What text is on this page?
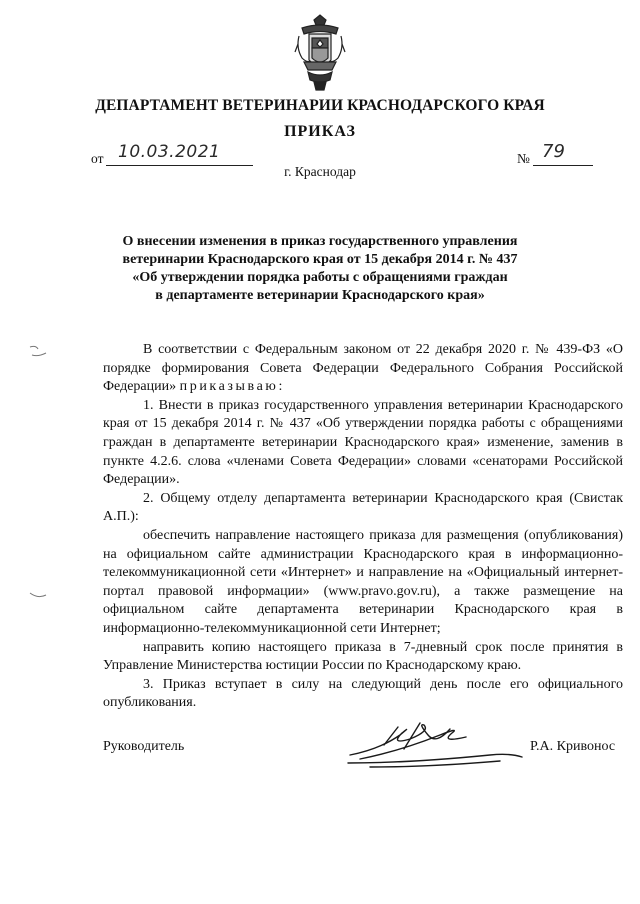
ДЕПАРТАМЕНТ ВЕТЕРИНАРИИ КРАСНОДАРСКОГО КРАЯ
ПРИКАЗ
от 10.03.2021
г. Краснодар
№ 79
О внесении изменения в приказ государственного управления
ветеринарии Краснодарского края от 15 декабря 2014 г. № 437
«Об утверждении порядка работы с обращениями граждан
в департаменте ветеринарии Краснодарского края»

В соответствии с Федеральным законом от 22 декабря 2020 г. № 439-ФЗ «О порядке формирования Совета Федерации Федерального Собрания Российской Федерации» приказываю:

1. Внести в приказ государственного управления ветеринарии Краснодарского края от 15 декабря 2014 г. № 437 «Об утверждении порядка работы с обращениями граждан в департаменте ветеринарии Краснодарского края» изменение, заменив в пункте 4.2.6. слова «членами Совета Федерации» словами «сенаторами Российской Федерации».

2. Общему отделу департамента ветеринарии Краснодарского края (Свистак А.П.):

обеспечить направление настоящего приказа для размещения (опубликования) на официальном сайте администрации Краснодарского края в информационно-телекоммуникационной сети «Интернет» и направление на «Официальный интернет-портал правовой информации» (www.pravo.gov.ru), а также размещение на официальном сайте департамента ветеринарии Краснодарского края в информационно-телекоммуникационной сети Интернет;

направить копию настоящего приказа в 7-дневный срок после принятия в Управление Министерства юстиции России по Краснодарскому краю.

3. Приказ вступает в силу на следующий день после его официального опубликования.

Руководитель	Р.А. Кривонос
